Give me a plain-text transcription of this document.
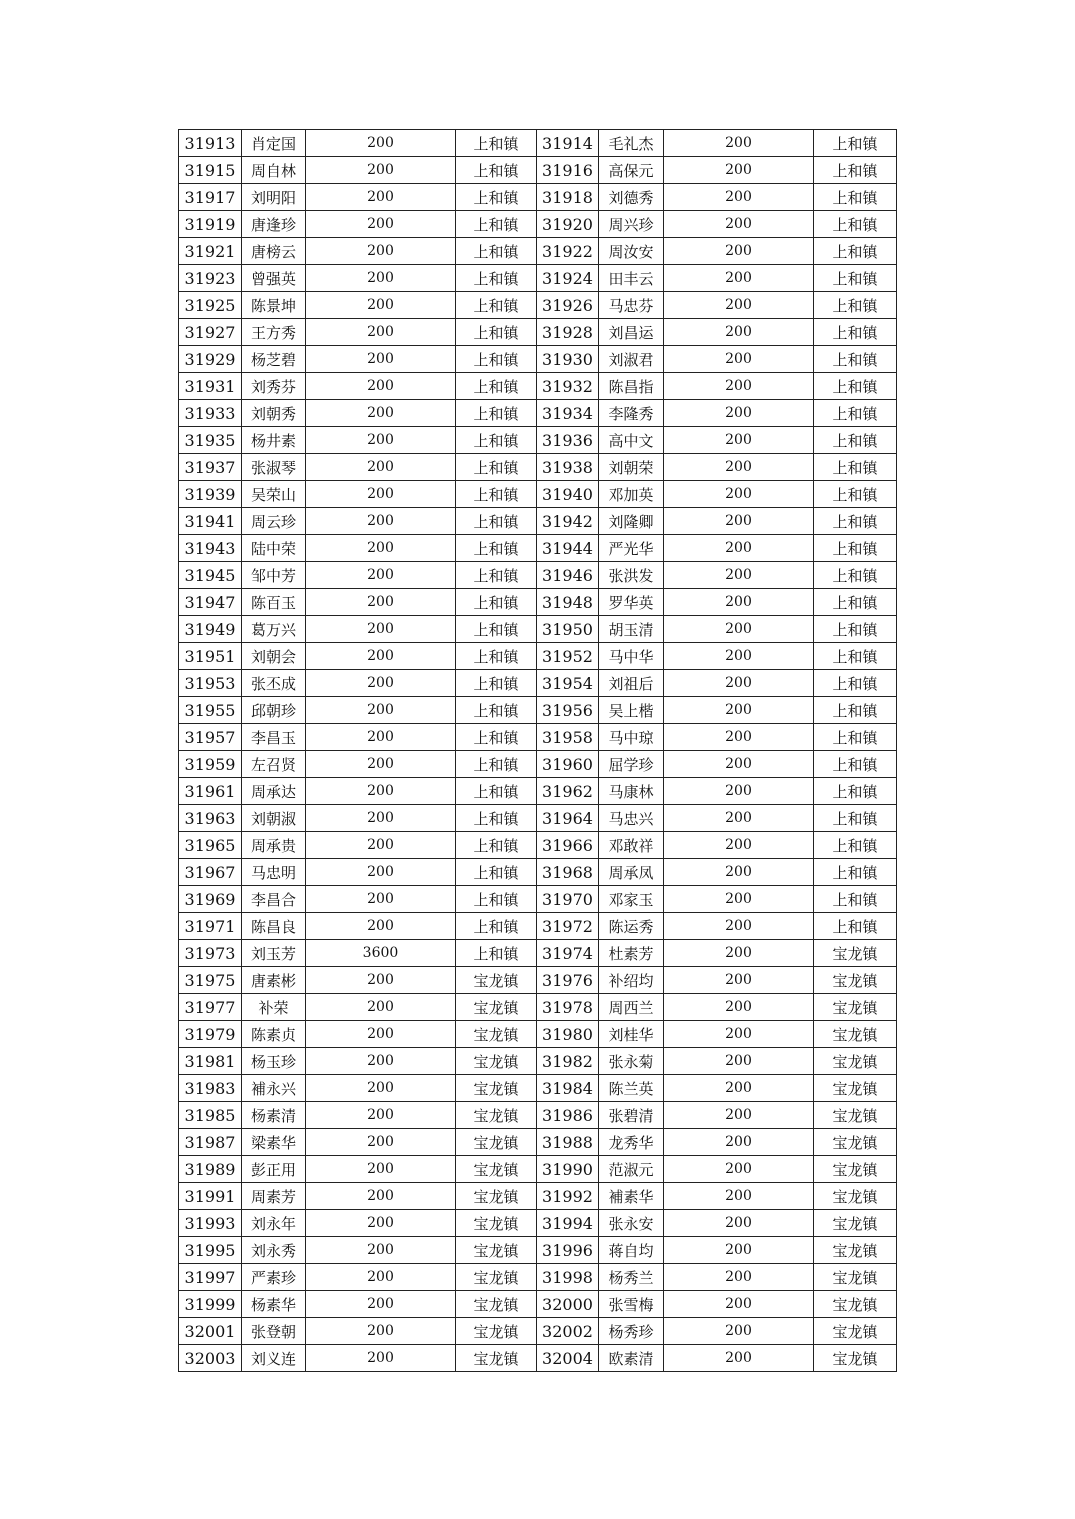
31913	肖定国	200	上和镇	31914	毛礼杰	200	上和镇
31915	周自林	200	上和镇	31916	高保元	200	上和镇
31917	刘明阳	200	上和镇	31918	刘德秀	200	上和镇
31919	唐逢珍	200	上和镇	31920	周兴珍	200	上和镇
31921	唐榜云	200	上和镇	31922	周汝安	200	上和镇
31923	曾强英	200	上和镇	31924	田丰云	200	上和镇
31925	陈景坤	200	上和镇	31926	马忠芬	200	上和镇
31927	王方秀	200	上和镇	31928	刘昌运	200	上和镇
31929	杨芝碧	200	上和镇	31930	刘淑君	200	上和镇
31931	刘秀芬	200	上和镇	31932	陈昌指	200	上和镇
31933	刘朝秀	200	上和镇	31934	李隆秀	200	上和镇
31935	杨井素	200	上和镇	31936	高中文	200	上和镇
31937	张淑琴	200	上和镇	31938	刘朝荣	200	上和镇
31939	吴荣山	200	上和镇	31940	邓加英	200	上和镇
31941	周云珍	200	上和镇	31942	刘隆卿	200	上和镇
31943	陆中荣	200	上和镇	31944	严光华	200	上和镇
31945	邹中芳	200	上和镇	31946	张洪发	200	上和镇
31947	陈百玉	200	上和镇	31948	罗华英	200	上和镇
31949	葛万兴	200	上和镇	31950	胡玉清	200	上和镇
31951	刘朝会	200	上和镇	31952	马中华	200	上和镇
31953	张丕成	200	上和镇	31954	刘祖后	200	上和镇
31955	邱朝珍	200	上和镇	31956	吴上楷	200	上和镇
31957	李昌玉	200	上和镇	31958	马中琼	200	上和镇
31959	左召贤	200	上和镇	31960	屈学珍	200	上和镇
31961	周承达	200	上和镇	31962	马康林	200	上和镇
31963	刘朝淑	200	上和镇	31964	马忠兴	200	上和镇
31965	周承贵	200	上和镇	31966	邓敢祥	200	上和镇
31967	马忠明	200	上和镇	31968	周承凤	200	上和镇
31969	李昌合	200	上和镇	31970	邓家玉	200	上和镇
31971	陈昌良	200	上和镇	31972	陈运秀	200	上和镇
31973	刘玉芳	3600	上和镇	31974	杜素芳	200	宝龙镇
31975	唐素彬	200	宝龙镇	31976	补绍均	200	宝龙镇
31977	补荣	200	宝龙镇	31978	周西兰	200	宝龙镇
31979	陈素贞	200	宝龙镇	31980	刘桂华	200	宝龙镇
31981	杨玉珍	200	宝龙镇	31982	张永菊	200	宝龙镇
31983	補永兴	200	宝龙镇	31984	陈兰英	200	宝龙镇
31985	杨素清	200	宝龙镇	31986	张碧清	200	宝龙镇
31987	梁素华	200	宝龙镇	31988	龙秀华	200	宝龙镇
31989	彭正用	200	宝龙镇	31990	范淑元	200	宝龙镇
31991	周素芳	200	宝龙镇	31992	補素华	200	宝龙镇
31993	刘永年	200	宝龙镇	31994	张永安	200	宝龙镇
31995	刘永秀	200	宝龙镇	31996	蒋自均	200	宝龙镇
31997	严素珍	200	宝龙镇	31998	杨秀兰	200	宝龙镇
31999	杨素华	200	宝龙镇	32000	张雪梅	200	宝龙镇
32001	张登朝	200	宝龙镇	32002	杨秀珍	200	宝龙镇
32003	刘义连	200	宝龙镇	32004	欧素清	200	宝龙镇
